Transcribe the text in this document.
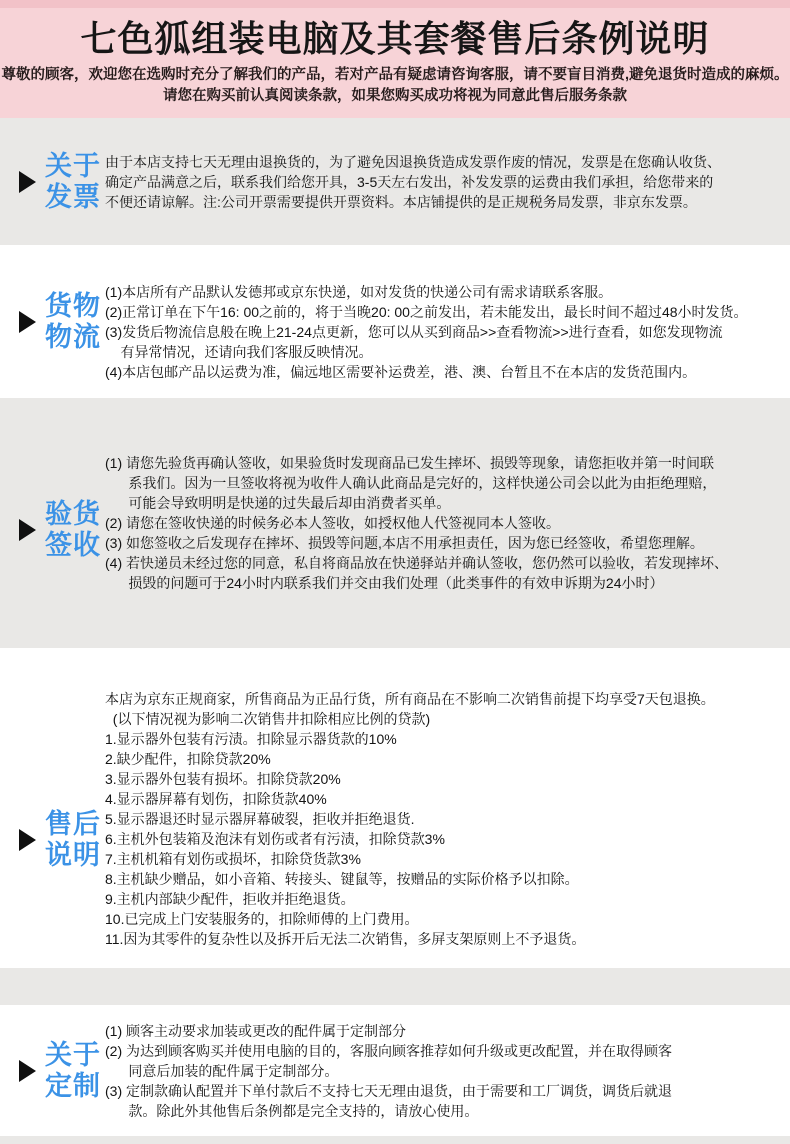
七色狐组装电脑及其套餐售后条例说明
尊敬的顾客，欢迎您在选购时充分了解我们的产品，若对产品有疑虑请咨询客服，请不要盲目消费,避免退货时造成的麻烦。
请您在购买前认真阅读条款，如果您购买成功将视为同意此售后服务条款
关于
发票
由于本店支持七天无理由退换货的，为了避免因退换货造成发票作废的情况，发票是在您确认收货、
确定产品满意之后，联系我们给您开具，3-5天左右发出，补发发票的运费由我们承担，给您带来的
不便还请谅解。注:公司开票需要提供开票资料。本店铺提供的是正规税务局发票，非京东发票。
货物
物流
(1)本店所有产品默认发德邦或京东快递，如对发货的快递公司有需求请联系客服。
(2)正常订单在下午16: 00之前的，将于当晚20: 00之前发出，若未能发出，最长时间不超过48小时发货。
(3)发货后物流信息般在晚上21-24点更新，您可以从买到商品>>查看物流>>进行查看，如您发现物流
有异常情况，还请向我们客服反映情况。
(4)本店包邮产品以运费为准，偏远地区需要补运费差，港、澳、台暂且不在本店的发货范围内。
验货
签收
(1) 请您先验货再确认签收，如果验货时发现商品已发生摔坏、损毁等现象，请您拒收并第一时间联
系我们。因为一旦签收将视为收件人确认此商品是完好的，这样快递公司会以此为由拒绝理赔，
可能会导致明明是快递的过失最后却由消费者买单。
(2) 请您在签收快递的时候务必本人签收，如授权他人代签视同本人签收。
(3) 如您签收之后发现存在摔坏、损毁等问题,本店不用承担责任，因为您已经签收，希望您理解。
(4) 若快递员未经过您的同意，私自将商品放在快递驿站并确认签收，您仍然可以验收，若发现摔坏、
损毁的问题可于24小时内联系我们并交由我们处理（此类事件的有效申诉期为24小时）
售后
说明
本店为京东正规商家，所售商品为正品行货，所有商品在不影响二次销售前提下均享受7天包退换。
(以下情况视为影响二次销售井扣除相应比例的贷款)
1.显示器外包装有污渍。扣除显示器货款的10%
2.缺少配件，扣除贷款20%
3.显示器外包装有损坏。扣除贷款20%
4.显示器屏幕有划伤，扣除货款40%
5.显示器退还时显示器屏幕破裂，拒收并拒绝退货.
6.主机外包装箱及泡沫有划伤或者有污渍，扣除贷款3%
7.主机机箱有划伤或损坏，扣除贷货款3%
8.主机缺少赠品，如小音箱、转接头、键鼠等，按赠品的实际价格予以扣除。
9.主机内部缺少配件，拒收并拒绝退货。
10.已完成上门安装服务的，扣除师傅的上门费用。
11.因为其零件的复杂性以及拆开后无法二次销售，多屏支架原则上不予退货。
关于
定制
(1) 顾客主动要求加装或更改的配件属于定制部分
(2) 为达到顾客购买并使用电脑的目的，客服向顾客推荐如何升级或更改配置，并在取得顾客
同意后加装的配件属于定制部分。
(3) 定制款确认配置并下单付款后不支持七天无理由退货，由于需要和工厂调货，调货后就退
款。除此外其他售后条例都是完全支持的，请放心使用。
